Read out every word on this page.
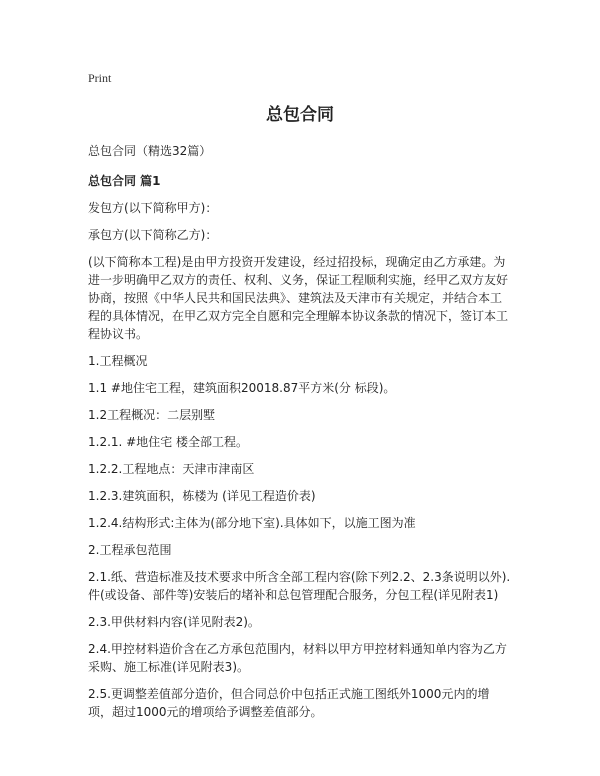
Print
总包合同
总包合同（精选32篇）
总包合同 篇1

发包方(以下简称甲方)：

承包方(以下简称乙方)：

(以下简称本工程)是由甲方投资开发建设，经过招投标，现确定由乙方承建。为进一步明确甲乙双方的责任、权利、义务，保证工程顺利实施，经甲乙双方友好协商，按照《中华人民共和国民法典》、建筑法及天津市有关规定，并结合本工程的具体情况，在甲乙双方完全自愿和完全理解本协议条款的情况下，签订本工程协议书。

1.工程概况

1.1 #地住宅工程，建筑面积20018.87平方米(分 标段)。

1.2工程概况：二层别墅

1.2.1. #地住宅 楼全部工程。

1.2.2.工程地点：天津市津南区

1.2.3.建筑面积，栋楼为 (详见工程造价表)

1.2.4.结构形式:主体为(部分地下室).具体如下，以施工图为准

2.工程承包范围

2.1.纸、营造标准及技术要求中所含全部工程内容(除下列2.2、2.3条说明以外).件(或设备、部件等)安装后的堵补和总包管理配合服务，分包工程(详见附表1)

2.3.甲供材料内容(详见附表2)。

2.4.甲控材料造价含在乙方承包范围内，材料以甲方甲控材料通知单内容为乙方采购、施工标准(详见附表3)。

2.5.更调整差值部分造价，但合同总价中包括正式施工图纸外1000元内的增项，超过1000元的增项给予调整差值部分。
